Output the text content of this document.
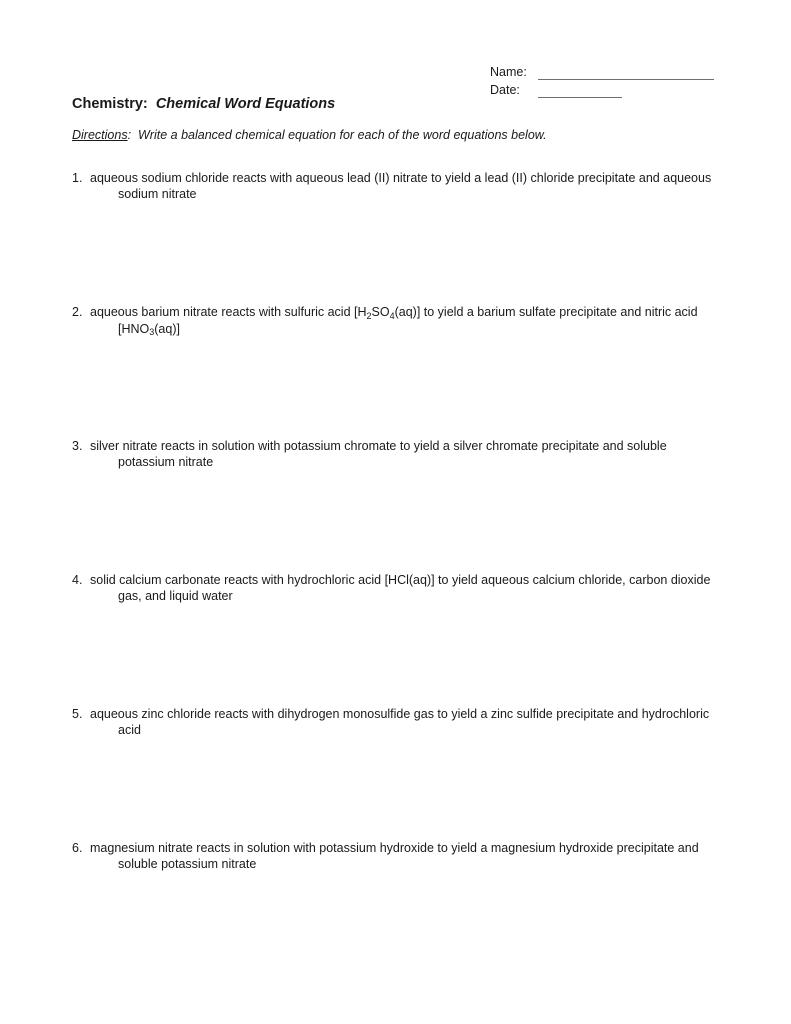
Name:
Date:
Chemistry: Chemical Word Equations
Directions:  Write a balanced chemical equation for each of the word equations below.
1. aqueous sodium chloride reacts with aqueous lead (II) nitrate to yield a lead (II) chloride precipitate and aqueous sodium nitrate
2. aqueous barium nitrate reacts with sulfuric acid $[H_2SO_4(aq)]$ to yield a barium sulfate precipitate and nitric acid $[HNO_3(aq)]$
3. silver nitrate reacts in solution with potassium chromate to yield a silver chromate precipitate and soluble potassium nitrate
4. solid calcium carbonate reacts with hydrochloric acid [HCl(aq)] to yield aqueous calcium chloride, carbon dioxide gas, and liquid water
5. aqueous zinc chloride reacts with dihydrogen monosulfide gas to yield a zinc sulfide precipitate and hydrochloric acid
6. magnesium nitrate reacts in solution with potassium hydroxide to yield a magnesium hydroxide precipitate and soluble potassium nitrate
